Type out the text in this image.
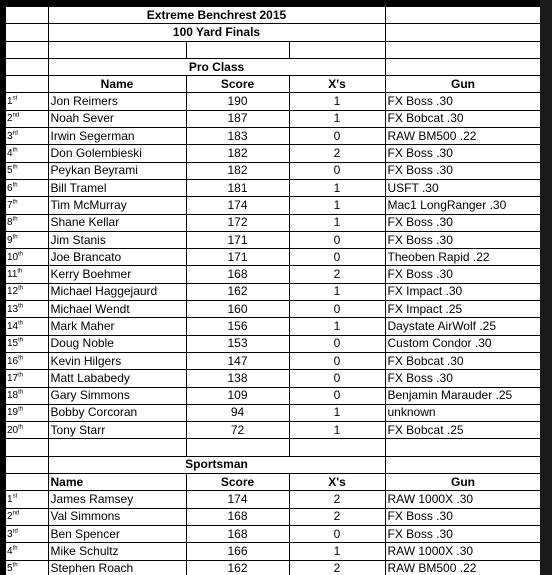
	Extreme Benchrest 2015			
	100 Yard Finals			

	Pro Class			
	Name	Score	X's	Gun
1st	Jon Reimers	190	1	FX Boss .30
2nd	Noah Sever	187	1	FX Bobcat .30
3rd	Irwin Segerman	183	0	RAW BM500 .22
4th	Don Golembieski	182	2	FX Boss .30
5th	Peykan Beyrami	182	0	FX Boss .30
6th	Bill Tramel	181	1	USFT .30
7th	Tim McMurray	174	1	Mac1 LongRanger .30
8th	Shane Kellar	172	1	FX Boss .30
9th	Jim Stanis	171	0	FX Boss .30
10th	Joe Brancato	171	0	Theoben Rapid .22
11th	Kerry Boehmer	168	2	FX Boss .30
12th	Michael Haggejaurd	162	1	FX Impact .30
13th	Michael Wendt	160	0	FX Impact .25
14th	Mark Maher	156	1	Daystate AirWolf .25
15th	Doug Noble	153	0	Custom Condor .30
16th	Kevin Hilgers	147	0	FX Bobcat .30
17th	Matt Lababedy	138	0	FX Boss .30
18th	Gary Simmons	109	0	Benjamin Marauder .25
19th	Bobby Corcoran	94	1	unknown
20th	Tony Starr	72	1	FX Bobcat .25

	Sportsman			
	Name	Score	X's	Gun
1st	James Ramsey	174	2	RAW 1000X .30
2nd	Val Simmons	168	2	FX Boss .30
3rd	Ben Spencer	168	0	FX Boss .30
4th	Mike Schultz	166	1	RAW 1000X .30
5th	Stephen Roach	162	2	RAW BM500 .22
